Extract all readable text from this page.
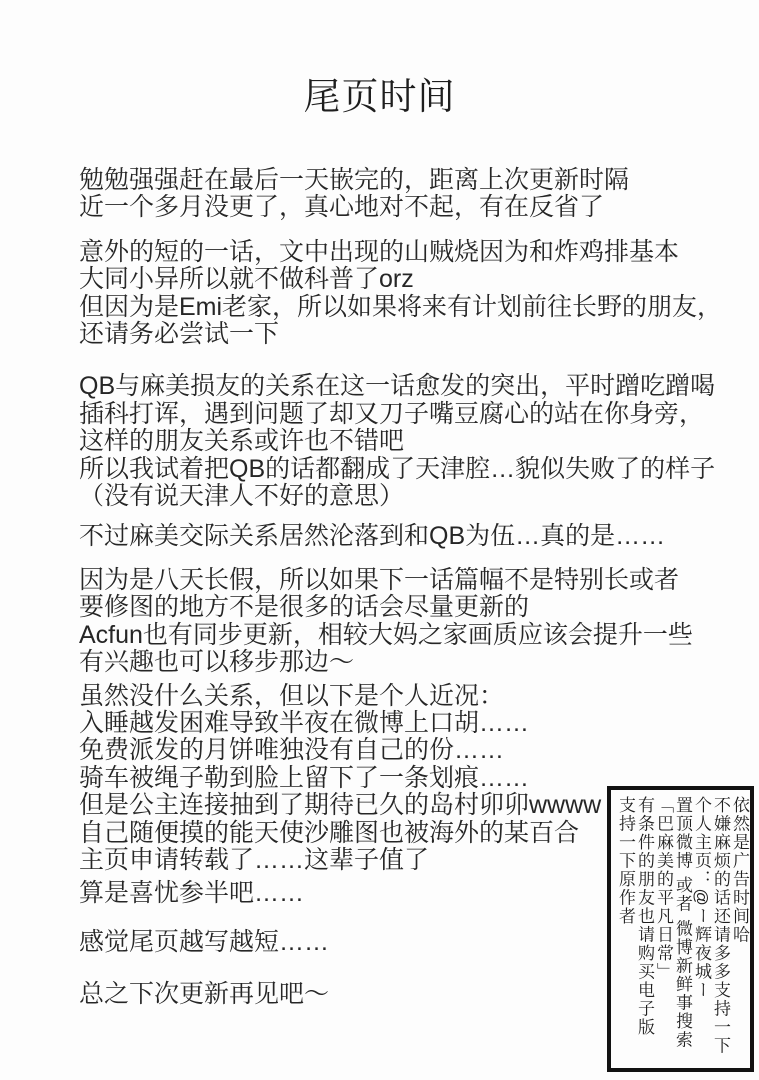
尾页时间
勉勉强强赶在最后一天嵌完的，距离上次更新时隔
近一个多月没更了，真心地对不起，有在反省了
意外的短的一话，文中出现的山贼烧因为和炸鸡排基本
大同小异所以就不做科普了orz
但因为是Emi老家，所以如果将来有计划前往长野的朋友，
还请务必尝试一下
QB与麻美损友的关系在这一话愈发的突出，平时蹭吃蹭喝
插科打诨，遇到问题了却又刀子嘴豆腐心的站在你身旁，
这样的朋友关系或许也不错吧
所以我试着把QB的话都翻成了天津腔…貌似失败了的样子
（没有说天津人不好的意思）
不过麻美交际关系居然沦落到和QB为伍…真的是……
因为是八天长假，所以如果下一话篇幅不是特别长或者
要修图的地方不是很多的话会尽量更新的
Acfun也有同步更新，相较大妈之家画质应该会提升一些
有兴趣也可以移步那边～
虽然没什么关系，但以下是个人近况：
入睡越发困难导致半夜在微博上口胡……
免费派发的月饼唯独没有自己的份……
骑车被绳子勒到脸上留下了一条划痕……
但是公主连接抽到了期待已久的岛村卯卯wwww
自己随便摸的能天使沙雕图也被海外的某百合
主页申请转载了……这辈子值了
算是喜忧参半吧……
感觉尾页越写越短……
总之下次更新再见吧～
依然是广告时间哈
不嫌麻烦的话还请多多支持一下
个人主页：@ー辉夜城ー
置顶微博 或者 微博新鲜事搜索
「巴麻美的平凡日常」
有条件的朋友也请购买电子版
支持一下原作者
